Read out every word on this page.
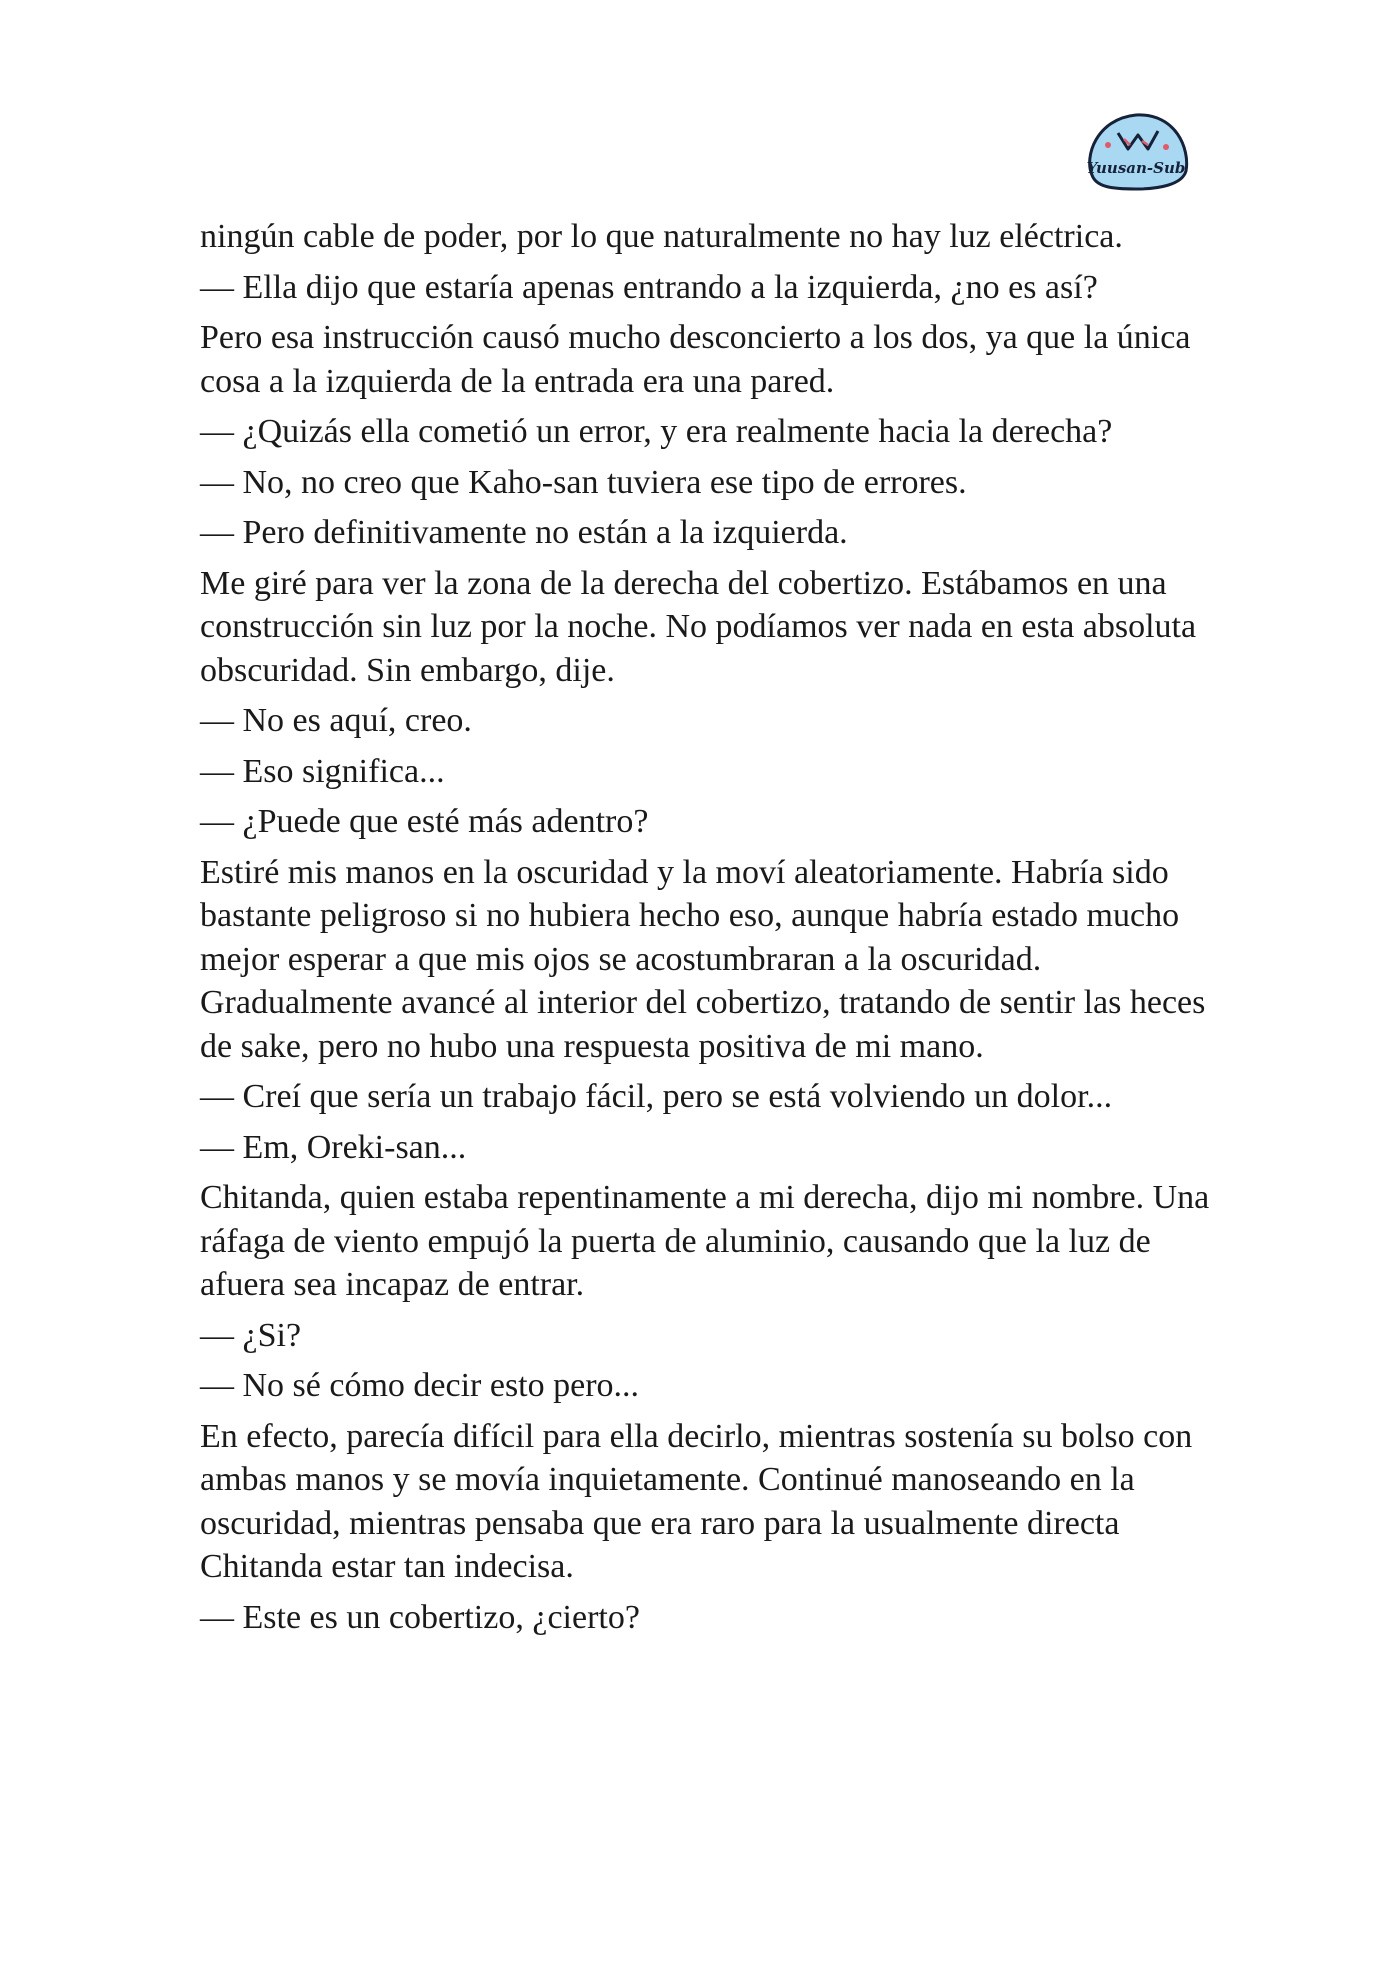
Yuusan-Sub

ningún cable de poder, por lo que naturalmente no hay luz eléctrica.

— Ella dijo que estaría apenas entrando a la izquierda, ¿no es así?

Pero esa instrucción causó mucho desconcierto a los dos, ya que la única cosa a la izquierda de la entrada era una pared.

— ¿Quizás ella cometió un error, y era realmente hacia la derecha?

— No, no creo que Kaho-san tuviera ese tipo de errores.

— Pero definitivamente no están a la izquierda.

Me giré para ver la zona de la derecha del cobertizo. Estábamos en una construcción sin luz por la noche. No podíamos ver nada en esta absoluta obscuridad. Sin embargo, dije.

— No es aquí, creo.

— Eso significa...

— ¿Puede que esté más adentro?

Estiré mis manos en la oscuridad y la moví aleatoriamente. Habría sido bastante peligroso si no hubiera hecho eso, aunque habría estado mucho mejor esperar a que mis ojos se acostumbraran a la oscuridad. Gradualmente avancé al interior del cobertizo, tratando de sentir las heces de sake, pero no hubo una respuesta positiva de mi mano.

— Creí que sería un trabajo fácil, pero se está volviendo un dolor...

— Em, Oreki-san...

Chitanda, quien estaba repentinamente a mi derecha, dijo mi nombre. Una ráfaga de viento empujó la puerta de aluminio, causando que la luz de afuera sea incapaz de entrar.

— ¿Si?

— No sé cómo decir esto pero...

En efecto, parecía difícil para ella decirlo, mientras sostenía su bolso con ambas manos y se movía inquietamente. Continué manoseando en la oscuridad, mientras pensaba que era raro para la usualmente directa Chitanda estar tan indecisa.

— Este es un cobertizo, ¿cierto?
